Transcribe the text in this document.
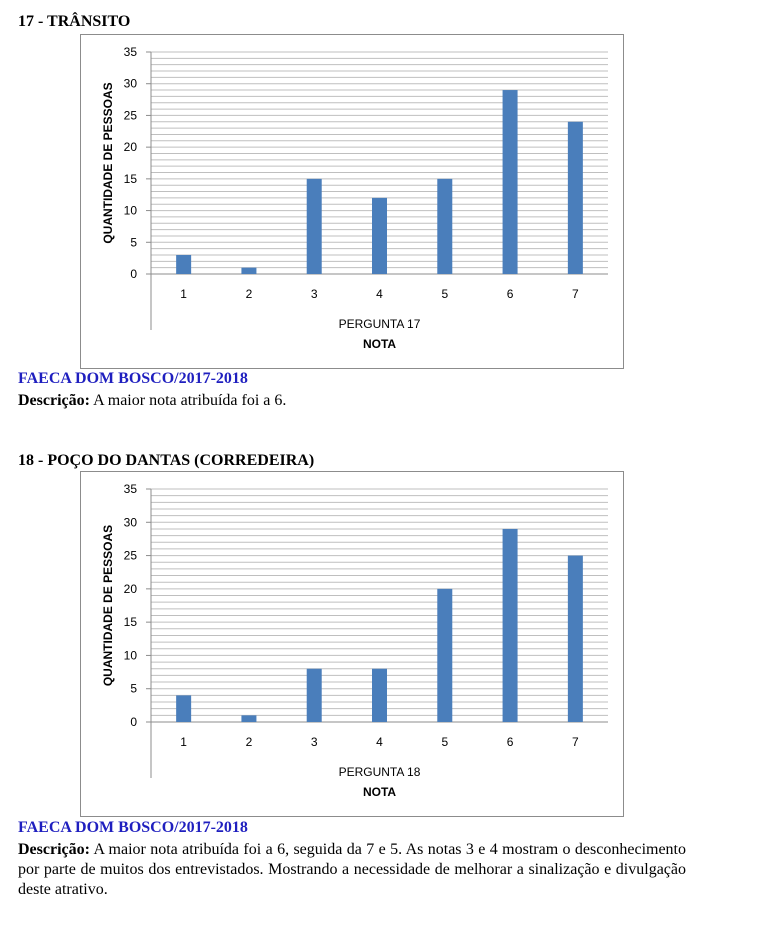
17 - TRÂNSITO
0
5
10
15
20
25
30
35
1	2	3	4	5	6	7
QUANTIDADE DE PESSOAS
PERGUNTA 17
NOTA
FAECA DOM BOSCO/2017-2018
Descrição: A maior nota atribuída foi a 6.
18 - POÇO DO DANTAS (CORREDEIRA)
0
5
10
15
20
25
30
35
1	2	3	4	5	6	7
QUANTIDADE DE PESSOAS
PERGUNTA 18
NOTA
FAECA DOM BOSCO/2017-2018
Descrição: A maior nota atribuída foi a 6, seguida da 7 e 5. As notas 3 e 4 mostram o desconhecimento por parte de muitos dos entrevistados. Mostrando a necessidade de melhorar a sinalização e divulgação deste atrativo.
